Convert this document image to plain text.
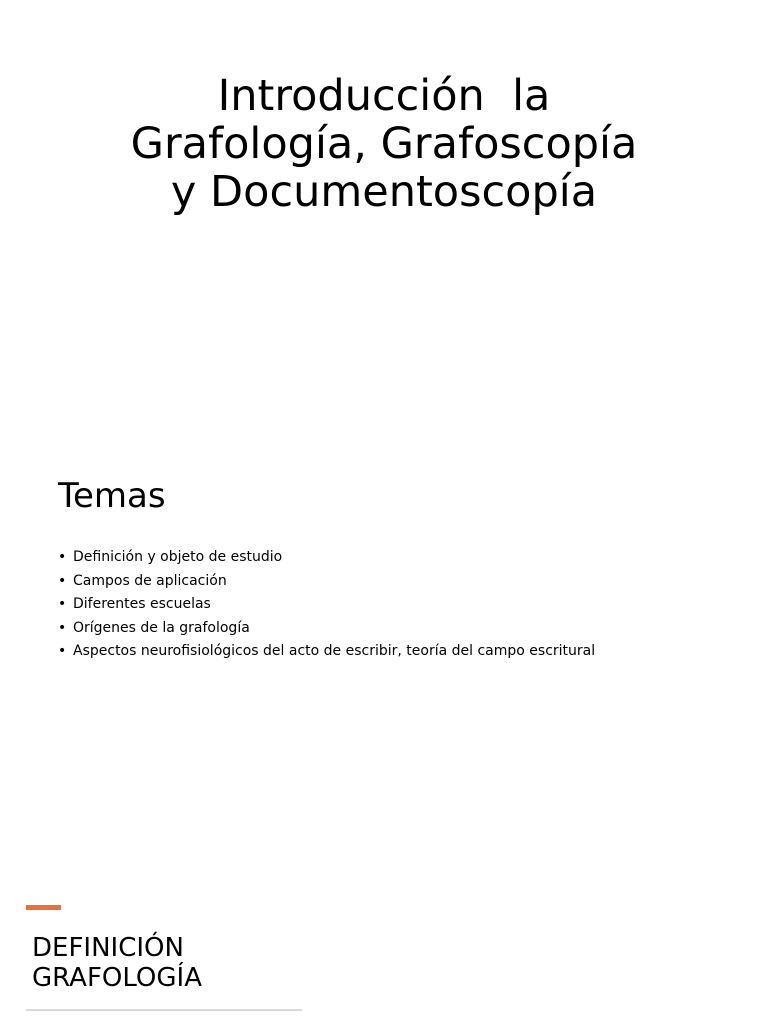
Introducción  la
Grafología, Grafoscopía
y Documentoscopía
Temas
• Definición y objeto de estudio
• Campos de aplicación
• Diferentes escuelas
• Orígenes de la grafología
• Aspectos neurofisiológicos del acto de escribir, teoría del campo escritural
DEFINICIÓN
GRAFOLOGÍA
